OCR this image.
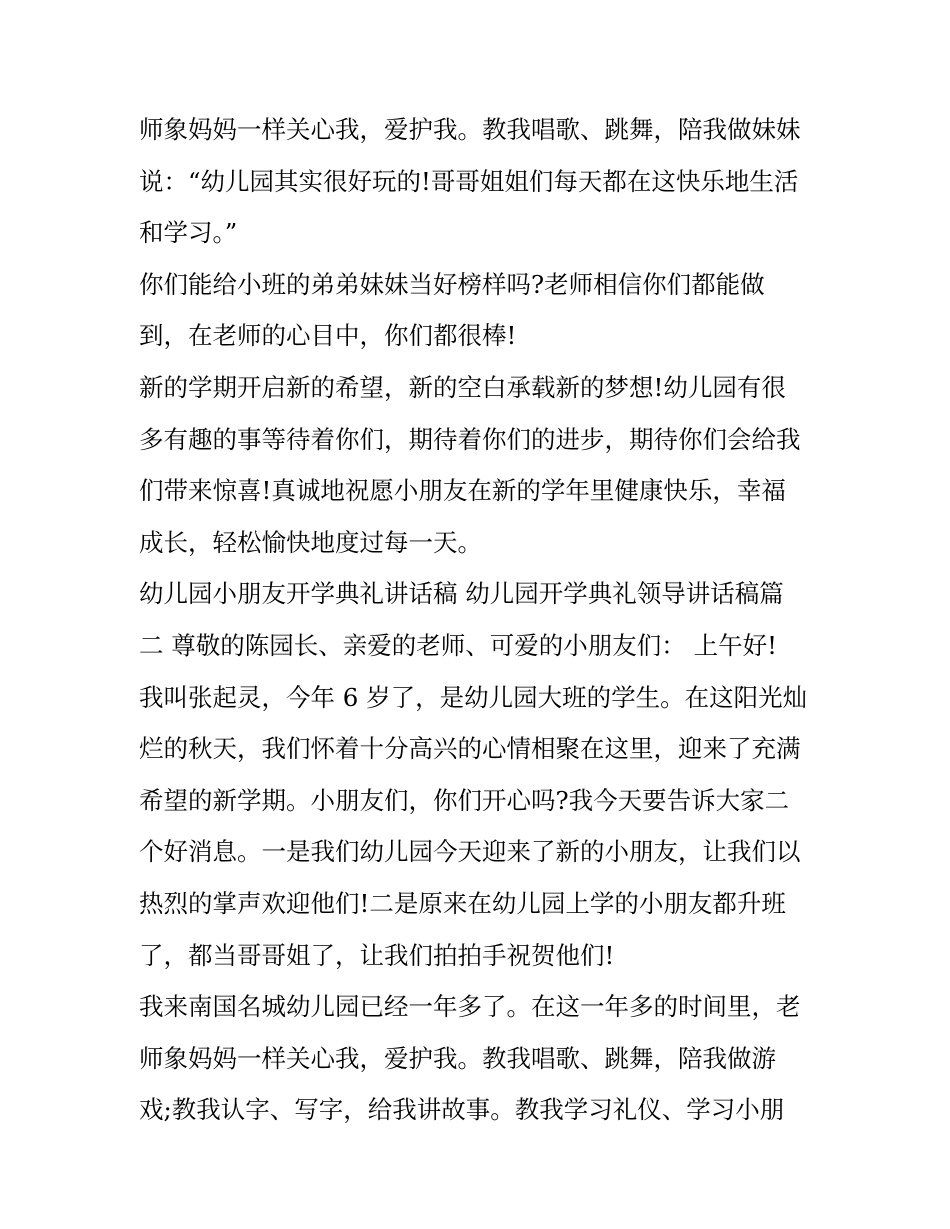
师象妈妈一样关心我，爱护我。教我唱歌、跳舞，陪我做妹妹
说：“幼儿园其实很好玩的!哥哥姐姐们每天都在这快乐地生活
和学习。”
你们能给小班的弟弟妹妹当好榜样吗?老师相信你们都能做
到，在老师的心目中，你们都很棒!
新的学期开启新的希望，新的空白承载新的梦想!幼儿园有很
多有趣的事等待着你们，期待着你们的进步，期待你们会给我
们带来惊喜!真诚地祝愿小朋友在新的学年里健康快乐，幸福
成长，轻松愉快地度过每一天。
幼儿园小朋友开学典礼讲话稿 幼儿园开学典礼领导讲话稿篇
二 尊敬的陈园长、亲爱的老师、可爱的小朋友们： 上午好!
我叫张起灵，今年 6 岁了，是幼儿园大班的学生。在这阳光灿
烂的秋天，我们怀着十分高兴的心情相聚在这里，迎来了充满
希望的新学期。小朋友们，你们开心吗?我今天要告诉大家二
个好消息。一是我们幼儿园今天迎来了新的小朋友，让我们以
热烈的掌声欢迎他们!二是原来在幼儿园上学的小朋友都升班
了，都当哥哥姐了，让我们拍拍手祝贺他们!
我来南国名城幼儿园已经一年多了。在这一年多的时间里，老
师象妈妈一样关心我，爱护我。教我唱歌、跳舞，陪我做游
戏;教我认字、写字，给我讲故事。教我学习礼仪、学习小朋
